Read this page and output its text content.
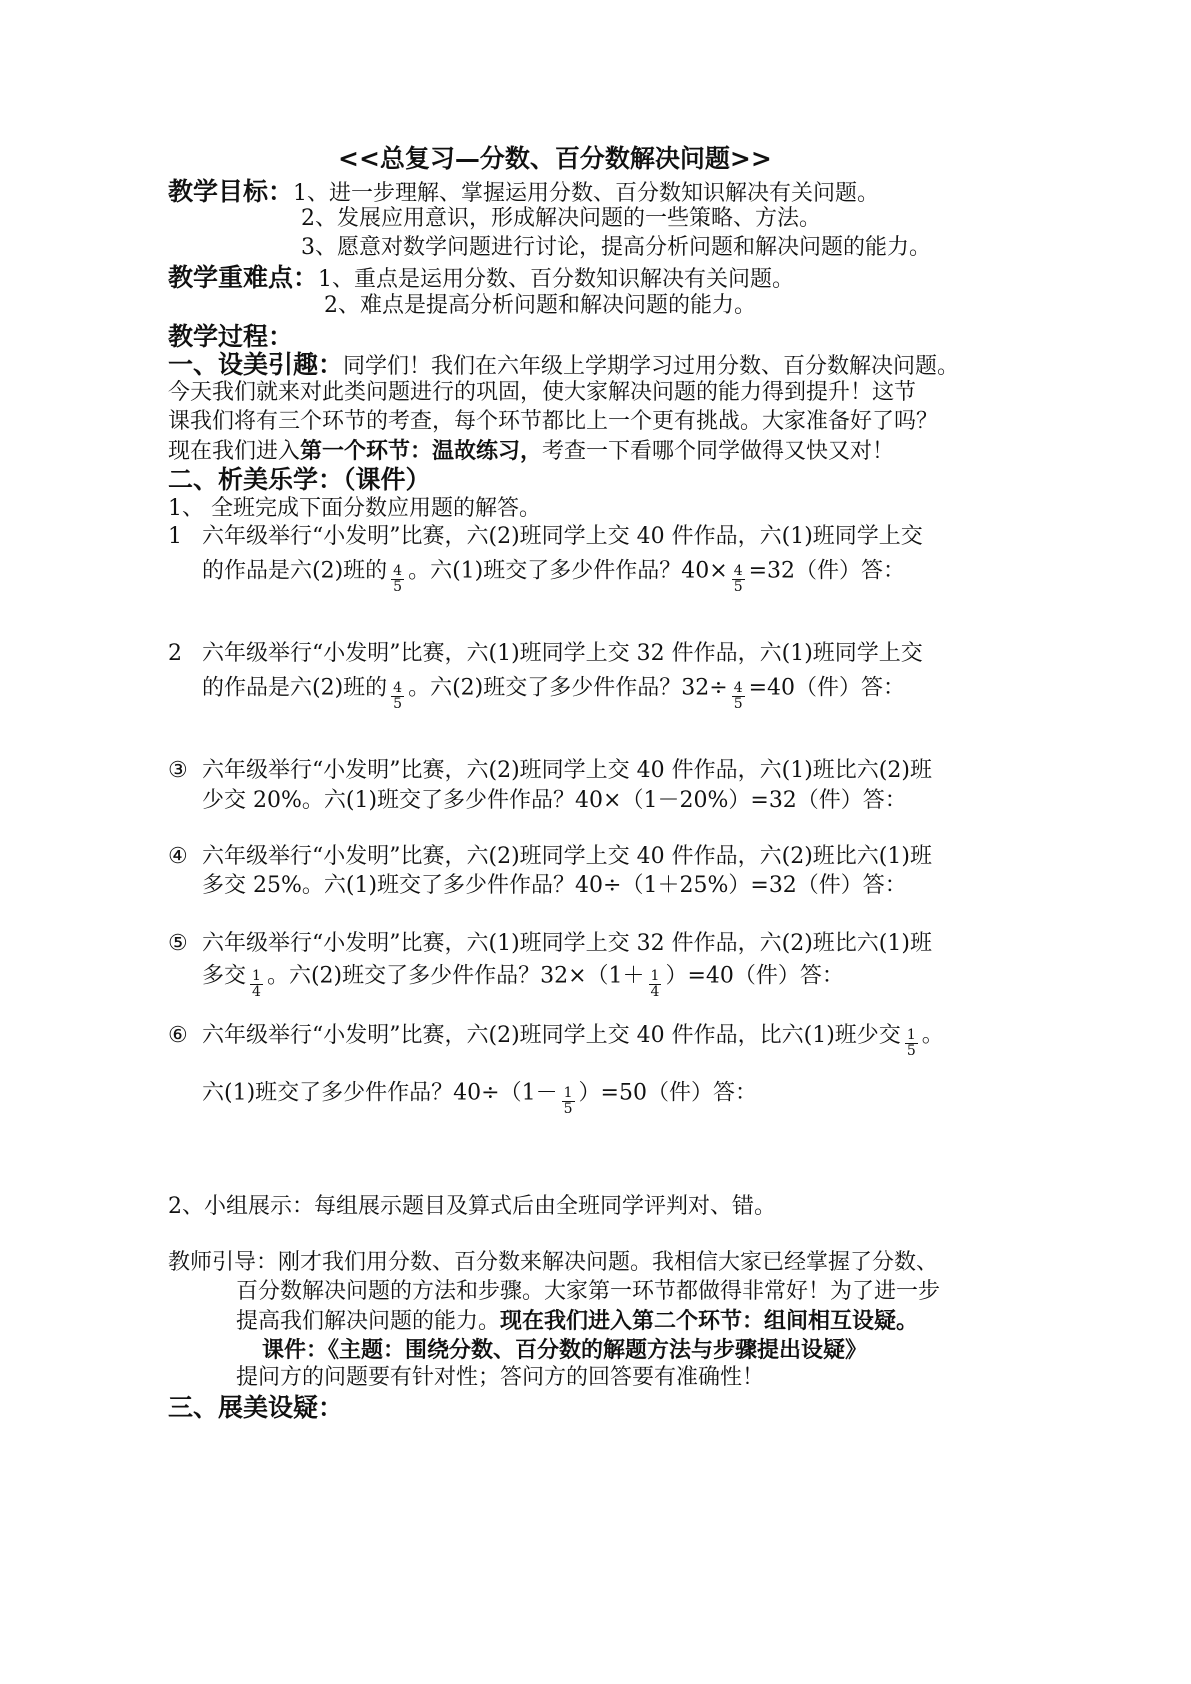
<<总复习—分数、百分数解决问题>>
教学目标：1、进一步理解、掌握运用分数、百分数知识解决有关问题。
2、发展应用意识，形成解决问题的一些策略、方法。
3、愿意对数学问题进行讨论，提高分析问题和解决问题的能力。
教学重难点：1、重点是运用分数、百分数知识解决有关问题。
2、难点是提高分析问题和解决问题的能力。
教学过程：
一、设美引趣：同学们！我们在六年级上学期学习过用分数、百分数解决问题。
今天我们就来对此类问题进行的巩固，使大家解决问题的能力得到提升！这节
课我们将有三个环节的考查，每个环节都比上一个更有挑战。大家准备好了吗？
现在我们进入第一个环节：温故练习，考查一下看哪个同学做得又快又对！
二、析美乐学：（课件）
1、 全班完成下面分数应用题的解答。
1 六年级举行“小发明”比赛，六(2)班同学上交 40 件作品，六(1)班同学上交
的作品是六(2)班的 $\frac{4}{5}$ 。六(1)班交了多少件作品？$40\times \frac{4}{5} =32$（件）答：
2 六年级举行“小发明”比赛，六(1)班同学上交 32 件作品，六(1)班同学上交
的作品是六(2)班的 $\frac{4}{5}$ 。六(2)班交了多少件作品？$32\div \frac{4}{5} =40$（件）答：
③ 六年级举行“小发明”比赛，六(2)班同学上交 40 件作品，六(1)班比六(2)班
少交 20%。六(1)班交了多少件作品？40×（1－20%）=32（件）答：
④ 六年级举行“小发明”比赛，六(2)班同学上交 40 件作品，六(2)班比六(1)班
多交 25%。六(1)班交了多少件作品？40÷（1＋25%）=32（件）答：
⑤ 六年级举行“小发明”比赛，六(1)班同学上交 32 件作品，六(2)班比六(1)班
多交 $\frac{1}{4}$ 。六(2)班交了多少件作品？$32\times(1+ \frac{1}{4} )=40$（件）答：
⑥ 六年级举行“小发明”比赛，六(2)班同学上交 40 件作品，比六(1)班少交 $\frac{1}{5}$ 。
六(1)班交了多少件作品？$40\div(1- \frac{1}{5} )=50$（件）答：
2、小组展示：每组展示题目及算式后由全班同学评判对、错。
教师引导：刚才我们用分数、百分数来解决问题。我相信大家已经掌握了分数、
百分数解决问题的方法和步骤。大家第一环节都做得非常好！为了进一步
提高我们解决问题的能力。现在我们进入第二个环节：组间相互设疑。
课件：《主题：围绕分数、百分数的解题方法与步骤提出设疑》
提问方的问题要有针对性；答问方的回答要有准确性！
三、展美设疑：
